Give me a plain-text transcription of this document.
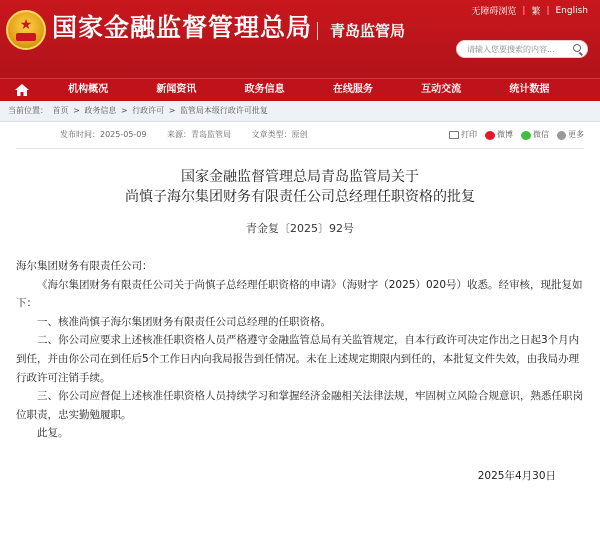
★ 国家金融监督管理总局 青岛监管局
无障碍浏览 | 繁 | English
请输入您要搜索的内容...
机构概况	新闻资讯	政务信息	在线服务	互动交流	统计数据
当前位置： 首页 > 政务信息 > 行政许可 > 监管局本级行政许可批复
发布时间：2025-05-09	来源：青岛监管局	文章类型：原创	打印	微博	微信 更多
国家金融监督管理总局青岛监管局关于
尚慎子海尔集团财务有限责任公司总经理任职资格的批复
青金复〔2025〕92号

海尔集团财务有限责任公司：

《海尔集团财务有限责任公司关于尚慎子总经理任职资格的申请》（海财字（2025）020号）收悉。经审核，现批复如下：

一、核准尚慎子海尔集团财务有限责任公司总经理的任职资格。

二、你公司应要求上述核准任职资格人员严格遵守金融监管总局有关监管规定，自本行政许可决定作出之日起3个月内到任，并由你公司在到任后5个工作日内向我局报告到任情况。未在上述规定期限内到任的，本批复文件失效，由我局办理行政许可注销手续。

三、你公司应督促上述核准任职资格人员持续学习和掌握经济金融相关法律法规，牢固树立风险合规意识，熟悉任职岗位职责，忠实勤勉履职。

此复。

2025年4月30日
